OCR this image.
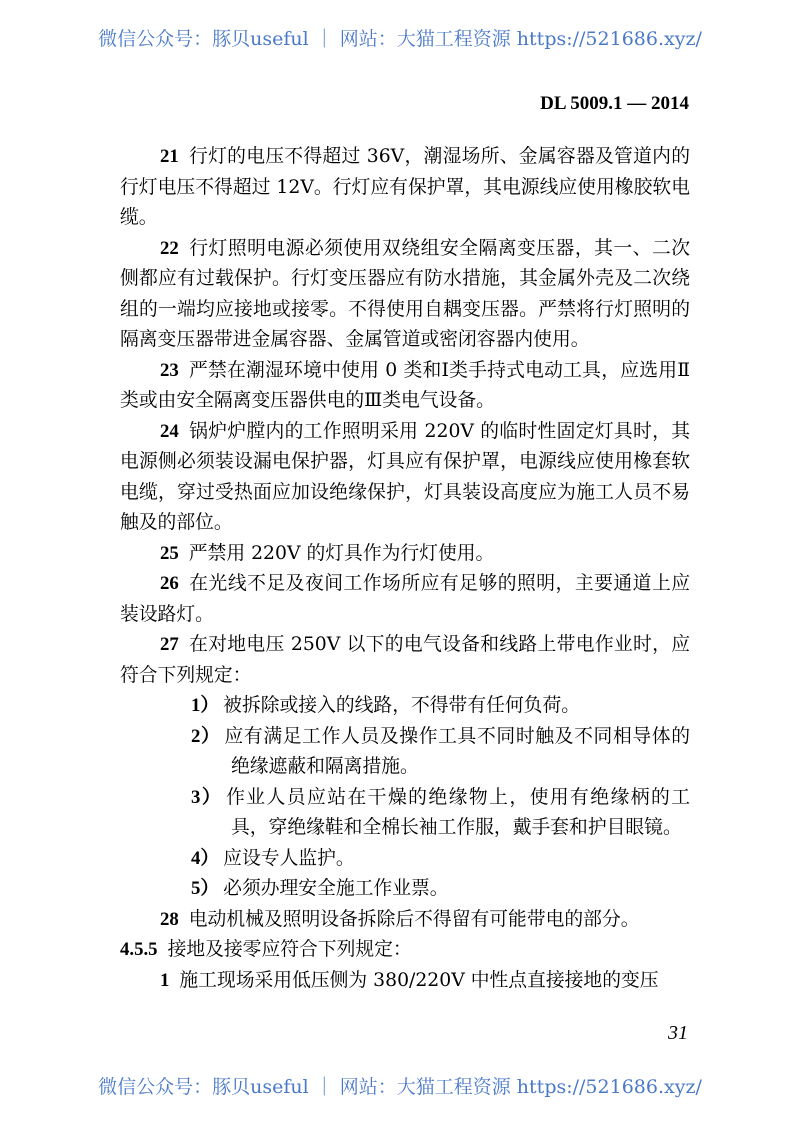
微信公众号：豚贝useful ｜ 网站：大猫工程资源 https://521686.xyz/
DL 5009.1 — 2014

21 行灯的电压不得超过 36V，潮湿场所、金属容器及管道内的行灯电压不得超过 12V。行灯应有保护罩，其电源线应使用橡胶软电缆。

22 行灯照明电源必须使用双绕组安全隔离变压器，其一、二次侧都应有过载保护。行灯变压器应有防水措施，其金属外壳及二次绕组的一端均应接地或接零。不得使用自耦变压器。严禁将行灯照明的隔离变压器带进金属容器、金属管道或密闭容器内使用。

23 严禁在潮湿环境中使用 0 类和Ⅰ类手持式电动工具，应选用Ⅱ类或由安全隔离变压器供电的Ⅲ类电气设备。

24 锅炉炉膛内的工作照明采用 220V 的临时性固定灯具时，其电源侧必须装设漏电保护器，灯具应有保护罩，电源线应使用橡套软电缆，穿过受热面应加设绝缘保护，灯具装设高度应为施工人员不易触及的部位。

25 严禁用 220V 的灯具作为行灯使用。

26 在光线不足及夜间工作场所应有足够的照明，主要通道上应装设路灯。

27 在对地电压 250V 以下的电气设备和线路上带电作业时，应符合下列规定：

1） 被拆除或接入的线路，不得带有任何负荷。

2） 应有满足工作人员及操作工具不同时触及不同相导体的绝缘遮蔽和隔离措施。

3） 作业人员应站在干燥的绝缘物上，使用有绝缘柄的工具，穿绝缘鞋和全棉长袖工作服，戴手套和护目眼镜。

4） 应设专人监护。

5） 必须办理安全施工作业票。

28 电动机械及照明设备拆除后不得留有可能带电的部分。

4.5.5 接地及接零应符合下列规定：

1 施工现场采用低压侧为 380/220V 中性点直接接地的变压

31
微信公众号：豚贝useful ｜ 网站：大猫工程资源 https://521686.xyz/
